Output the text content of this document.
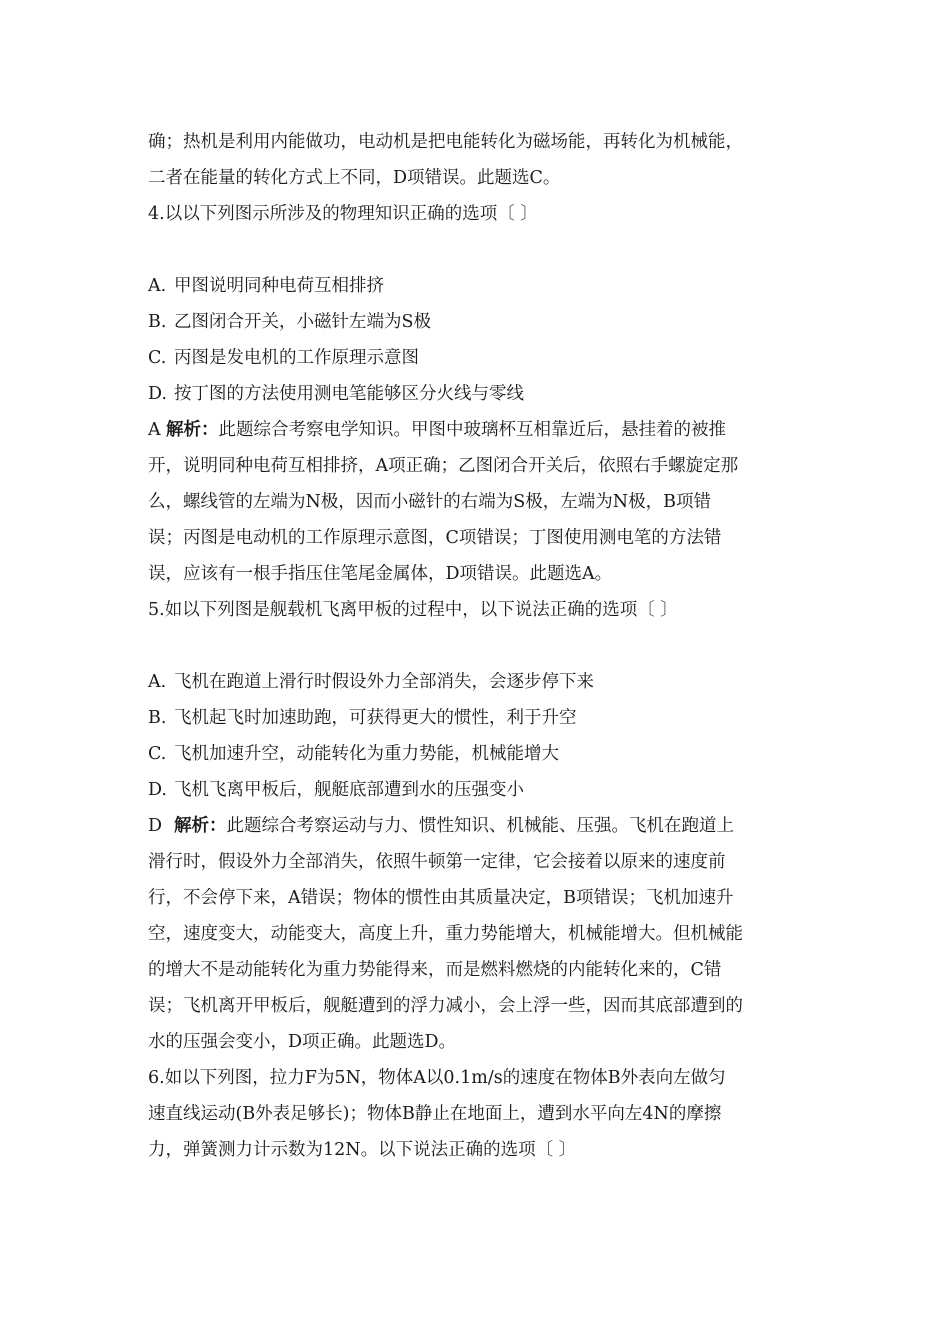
确；热机是利用内能做功，电动机是把电能转化为磁场能，再转化为机械能，
二者在能量的转化方式上不同，D项错误。此题选C。
4.以以下列图示所涉及的物理知识正确的选项〔 〕
A. 甲图说明同种电荷互相排挤
B. 乙图闭合开关，小磁针左端为S极
C. 丙图是发电机的工作原理示意图
D. 按丁图的方法使用测电笔能够区分火线与零线
A 解析：此题综合考察电学知识。甲图中玻璃杯互相靠近后，悬挂着的被推
开，说明同种电荷互相排挤，A项正确；乙图闭合开关后，依照右手螺旋定那
么，螺线管的左端为N极，因而小磁针的右端为S极，左端为N极，B项错
误；丙图是电动机的工作原理示意图，C项错误；丁图使用测电笔的方法错
误，应该有一根手指压住笔尾金属体，D项错误。此题选A。
5.如以下列图是舰载机飞离甲板的过程中，以下说法正确的选项〔 〕
A. 飞机在跑道上滑行时假设外力全部消失，会逐步停下来
B. 飞机起飞时加速助跑，可获得更大的惯性，利于升空
C. 飞机加速升空，动能转化为重力势能，机械能增大
D. 飞机飞离甲板后，舰艇底部遭到水的压强变小
D 解析：此题综合考察运动与力、惯性知识、机械能、压强。飞机在跑道上
滑行时，假设外力全部消失，依照牛顿第一定律，它会接着以原来的速度前
行，不会停下来，A错误；物体的惯性由其质量决定，B项错误；飞机加速升
空，速度变大，动能变大，高度上升，重力势能增大，机械能增大。但机械能
的增大不是动能转化为重力势能得来，而是燃料燃烧的内能转化来的，C错
误；飞机离开甲板后，舰艇遭到的浮力减小，会上浮一些，因而其底部遭到的
水的压强会变小，D项正确。此题选D。
6.如以下列图，拉力F为5N，物体A以0.1m/s的速度在物体B外表向左做匀
速直线运动(B外表足够长)；物体B静止在地面上，遭到水平向左4N的摩擦
力，弹簧测力计示数为12N。以下说法正确的选项〔 〕
